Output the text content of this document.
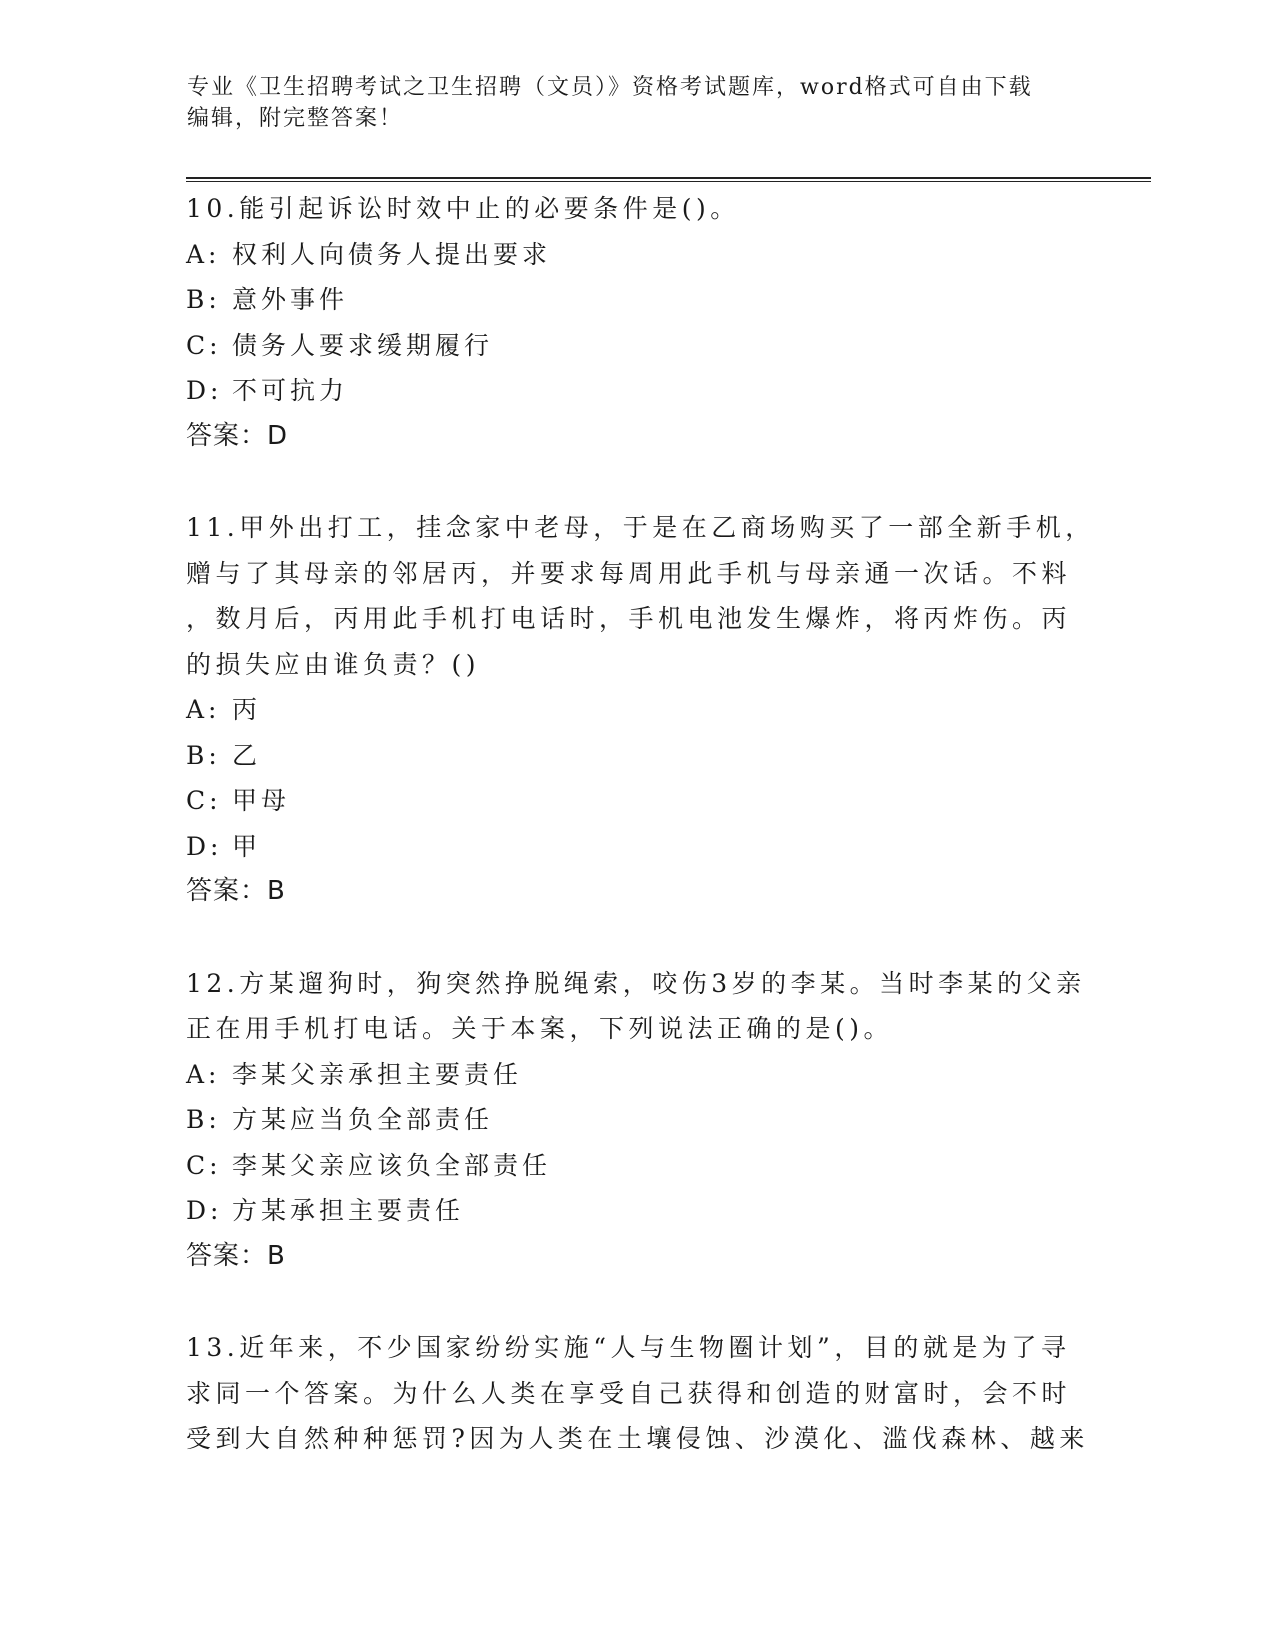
专业《卫生招聘考试之卫生招聘（文员）》资格考试题库，word格式可自由下载
编辑，附完整答案！
10.能引起诉讼时效中止的必要条件是()。
A: 权利人向债务人提出要求
B: 意外事件
C: 债务人要求缓期履行
D: 不可抗力
答案：D
11.甲外出打工，挂念家中老母，于是在乙商场购买了一部全新手机，
赠与了其母亲的邻居丙，并要求每周用此手机与母亲通一次话。不料
，数月后，丙用此手机打电话时，手机电池发生爆炸，将丙炸伤。丙
的损失应由谁负责？()
A: 丙
B: 乙
C: 甲母
D: 甲
答案：B
12.方某遛狗时，狗突然挣脱绳索，咬伤3岁的李某。当时李某的父亲
正在用手机打电话。关于本案，下列说法正确的是()。
A: 李某父亲承担主要责任
B: 方某应当负全部责任
C: 李某父亲应该负全部责任
D: 方某承担主要责任
答案：B
13.近年来，不少国家纷纷实施“人与生物圈计划”，目的就是为了寻
求同一个答案。为什么人类在享受自己获得和创造的财富时，会不时
受到大自然种种惩罚?因为人类在土壤侵蚀、沙漠化、滥伐森林、越来
